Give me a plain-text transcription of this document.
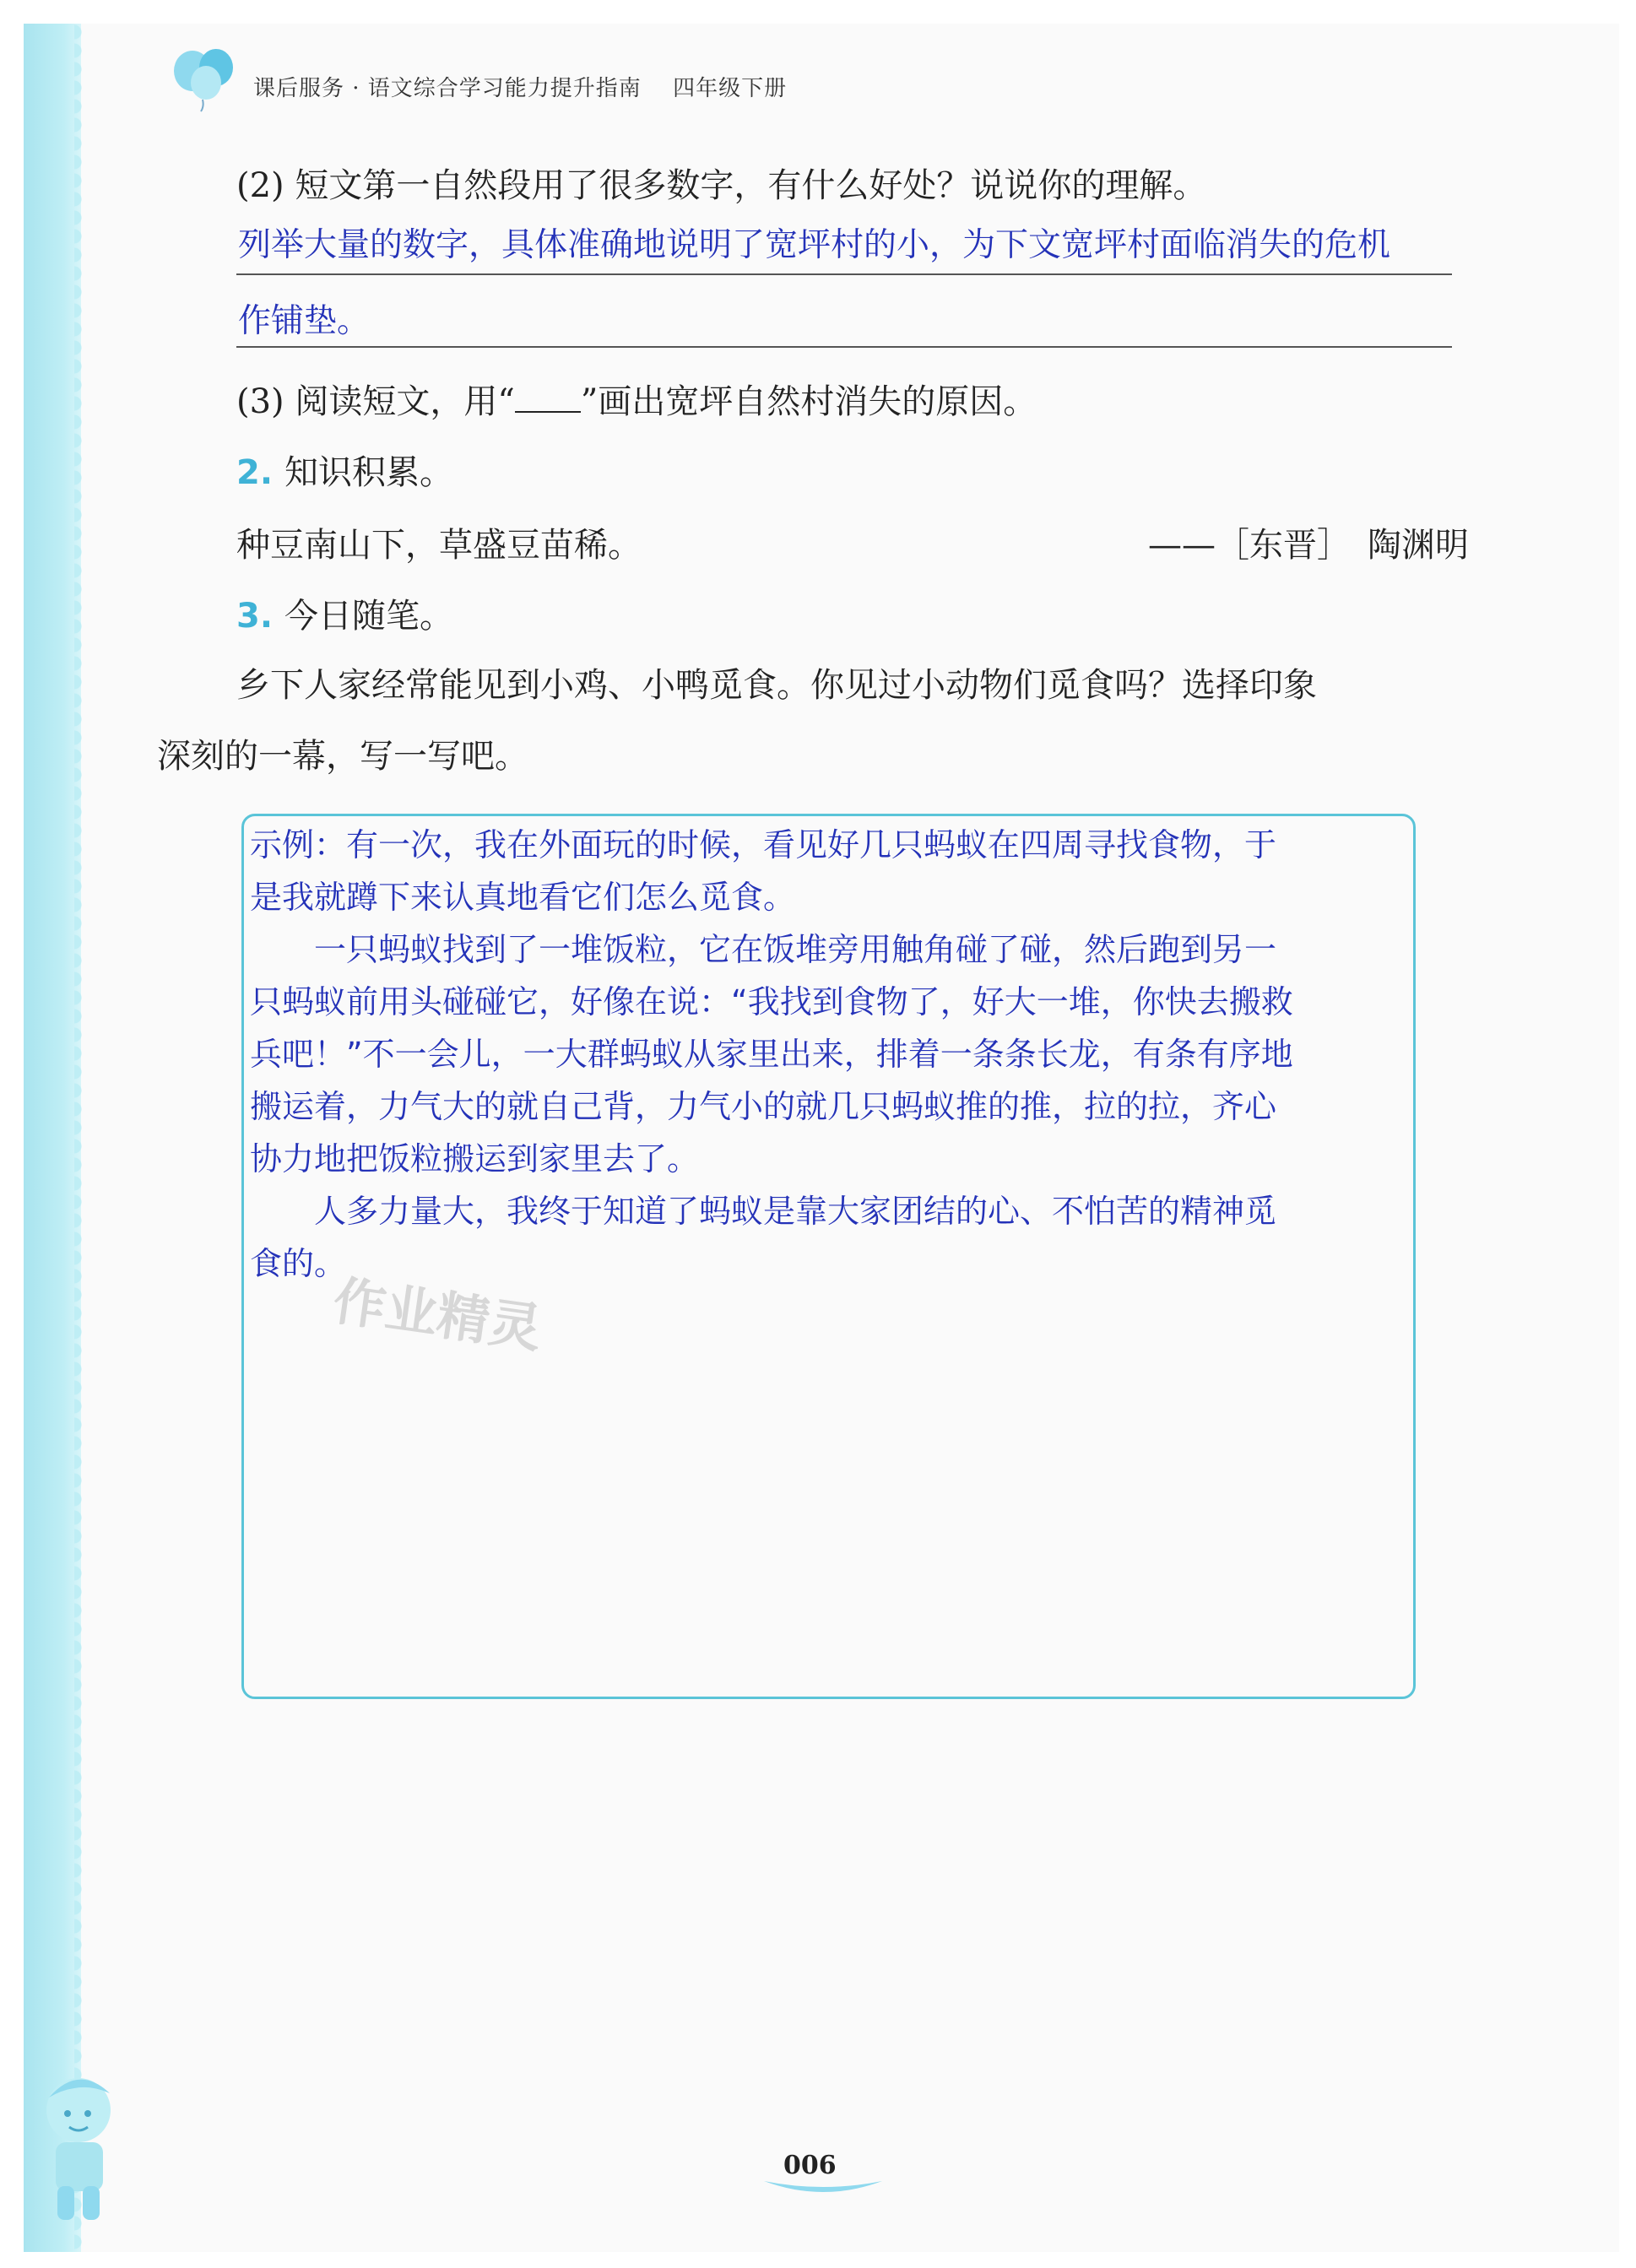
课后服务 · 语文综合学习能力提升指南 四年级下册
(2) 短文第一自然段用了很多数字，有什么好处？说说你的理解。
列举大量的数字，具体准确地说明了宽坪村的小，为下文宽坪村面临消失的危机
作铺垫。
(3) 阅读短文，用“ ”画出宽坪自然村消失的原因。
2. 知识积累。
种豆南山下，草盛豆苗稀。	——［东晋］　陶渊明
3. 今日随笔。
乡下人家经常能见到小鸡、小鸭觅食。你见过小动物们觅食吗？选择印象
深刻的一幕，写一写吧。
示例：有一次，我在外面玩的时候，看见好几只蚂蚁在四周寻找食物，于
是我就蹲下来认真地看它们怎么觅食。
　　一只蚂蚁找到了一堆饭粒，它在饭堆旁用触角碰了碰，然后跑到另一
只蚂蚁前用头碰碰它，好像在说：“我找到食物了，好大一堆，你快去搬救
兵吧！”不一会儿，一大群蚂蚁从家里出来，排着一条条长龙，有条有序地
搬运着，力气大的就自己背，力气小的就几只蚂蚁推的推，拉的拉，齐心
协力地把饭粒搬运到家里去了。
　　人多力量大，我终于知道了蚂蚁是靠大家团结的心、不怕苦的精神觅
食的。
作业精灵
006
